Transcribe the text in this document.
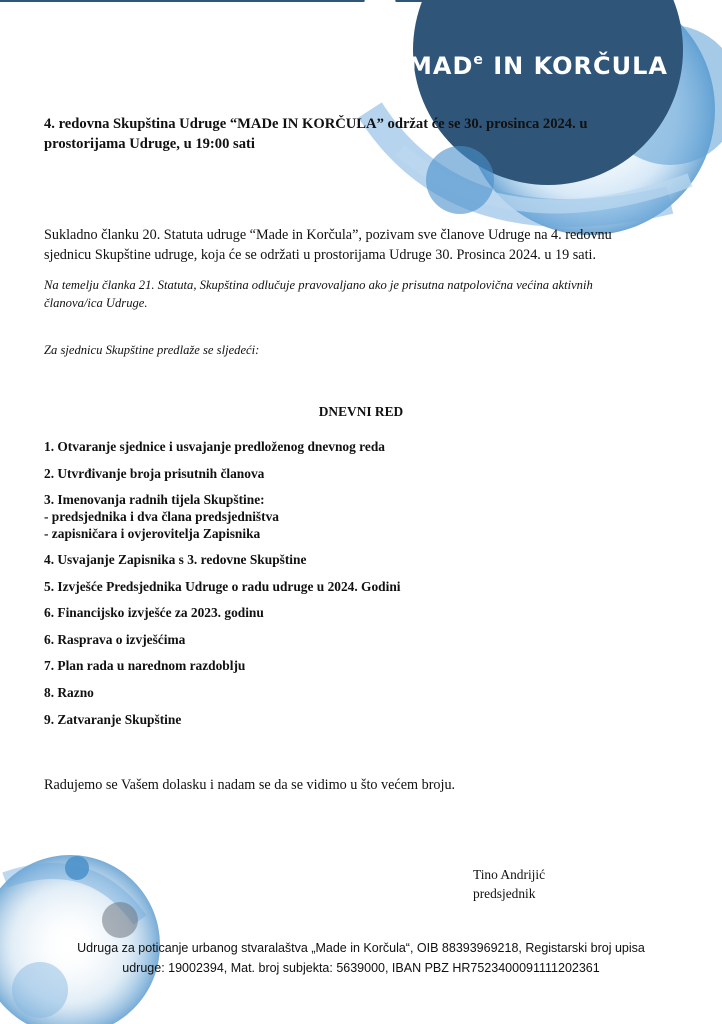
MAD$^e$ IN KORČULA
4. redovna Skupština Udruge “MADe IN KORČULA” održat će se 30. prosinca 2024. u prostorijama Udruge, u 19:00 sati
Sukladno članku 20. Statuta udruge “Made in Korčula”, pozivam sve članove Udruge na 4. redovnu sjednicu Skupštine udruge, koja će se održati u prostorijama Udruge 30. Prosinca 2024. u 19 sati.
Na temelju članka 21. Statuta, Skupština odlučuje pravovaljano ako je prisutna natpolovična većina aktivnih članova/ica Udruge.
Za sjednicu Skupštine predlaže se sljedeći:
DNEVNI RED
1. Otvaranje sjednice i usvajanje predloženog dnevnog reda
2. Utvrđivanje broja prisutnih članova
3. Imenovanja radnih tijela Skupštine:
- predsjednika i dva člana predsjedništva
- zapisničara i ovjerovitelja Zapisnika
4. Usvajanje Zapisnika s 3. redovne Skupštine
5. Izvješće Predsjednika Udruge o radu udruge u 2024. Godini
6. Financijsko izvješće za 2023. godinu
6. Rasprava o izvješćima
7. Plan rada u narednom razdoblju
8. Razno
9. Zatvaranje Skupštine
Radujemo se Vašem dolasku i nadam se da se vidimo u što većem broju.
Tino Andrijić
predsjednik
Udruga za poticanje urbanog stvaralaštva „Made in Korčula“, OIB 88393969218, Registarski broj upisa
udruge: 19002394, Mat. broj subjekta: 5639000, IBAN PBZ HR7523400091111202361
